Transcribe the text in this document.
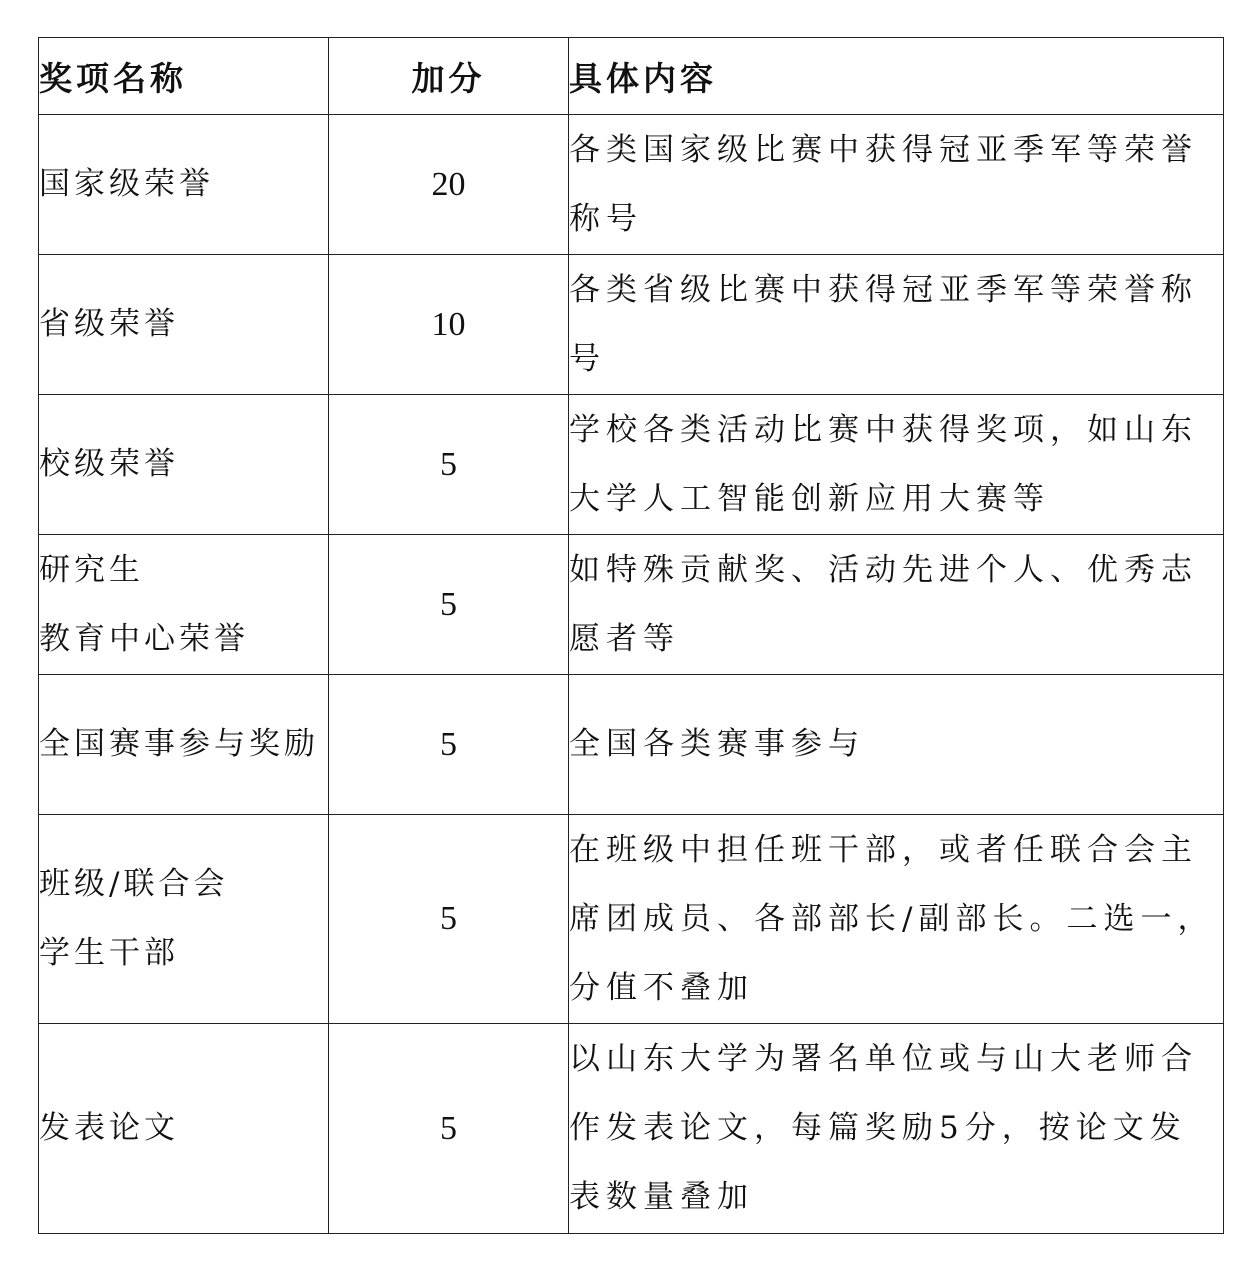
奖项名称	加分	具体内容
国家级荣誉	20	各类国家级比赛中获得冠亚季军等荣誉称号
省级荣誉	10	各类省级比赛中获得冠亚季军等荣誉称号
校级荣誉	5	学校各类活动比赛中获得奖项，如山东大学人工智能创新应用大赛等
研究生
教育中心荣誉	5	如特殊贡献奖、活动先进个人、优秀志愿者等
全国赛事参与奖励	5	全国各类赛事参与
班级/联合会
学生干部	5	在班级中担任班干部，或者任联合会主席团成员、各部部长/副部长。二选一，分值不叠加
发表论文	5	以山东大学为署名单位或与山大老师合作发表论文，每篇奖励5分，按论文发表数量叠加
